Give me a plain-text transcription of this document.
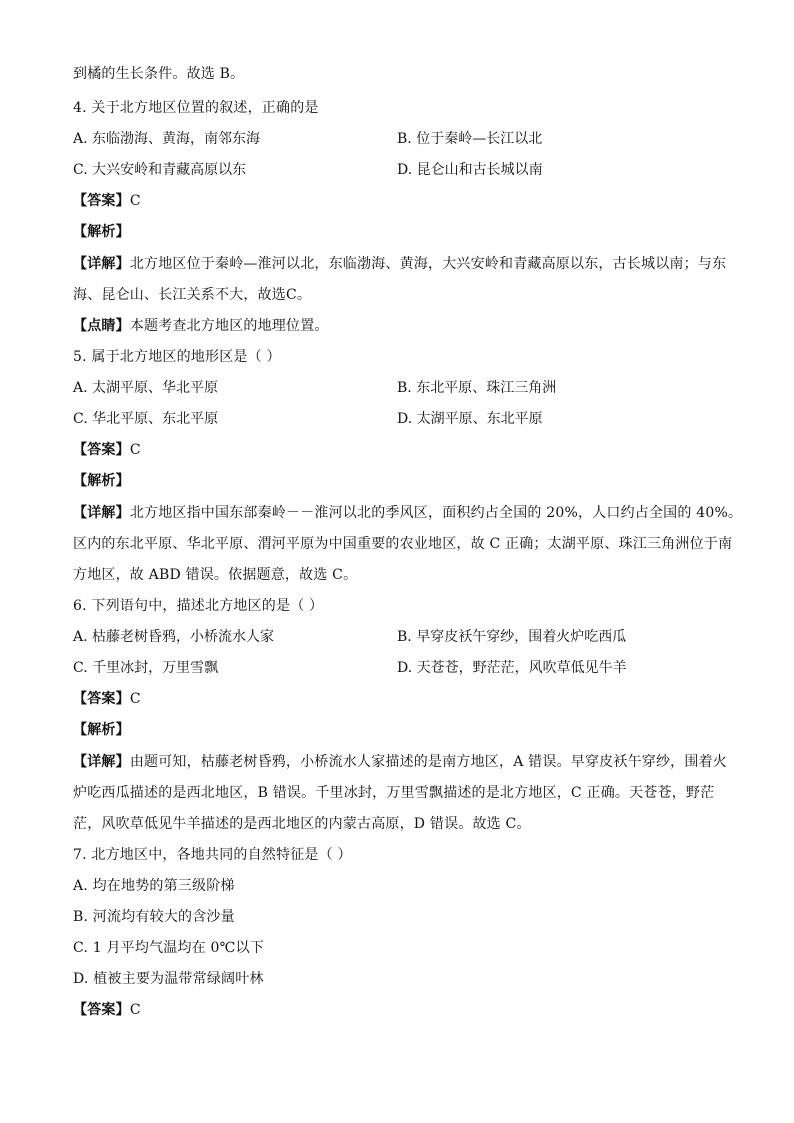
到橘的生长条件。故选 B。
4. 关于北方地区位置的叙述，正确的是
A. 东临渤海、黄海，南邻东海	B. 位于秦岭—长江以北
C. 大兴安岭和青藏高原以东	D. 昆仑山和古长城以南
【答案】C
【解析】
【详解】北方地区位于秦岭—淮河以北，东临渤海、黄海，大兴安岭和青藏高原以东，古长城以南；与东
海、昆仑山、长江关系不大，故选C。
【点睛】本题考查北方地区的地理位置。
5. 属于北方地区的地形区是（ ）
A. 太湖平原、华北平原	B. 东北平原、珠江三角洲
C. 华北平原、东北平原	D. 太湖平原、东北平原
【答案】C
【解析】
【详解】北方地区指中国东部秦岭－－淮河以北的季风区，面积约占全国的 20%，人口约占全国的 40%。
区内的东北平原、华北平原、渭河平原为中国重要的农业地区，故 C 正确；太湖平原、珠江三角洲位于南
方地区，故 ABD 错误。依据题意，故选 C。
6. 下列语句中，描述北方地区的是（ ）
A. 枯藤老树昏鸦，小桥流水人家	B. 早穿皮袄午穿纱，围着火炉吃西瓜
C. 千里冰封，万里雪飘	D. 天苍苍，野茫茫，风吹草低见牛羊
【答案】C
【解析】
【详解】由题可知，枯藤老树昏鸦，小桥流水人家描述的是南方地区，A 错误。早穿皮袄午穿纱，围着火
炉吃西瓜描述的是西北地区，B 错误。千里冰封，万里雪飘描述的是北方地区，C 正确。天苍苍，野茫
茫，风吹草低见牛羊描述的是西北地区的内蒙古高原，D 错误。故选 C。
7. 北方地区中，各地共同的自然特征是（ ）
A. 均在地势的第三级阶梯
B. 河流均有较大的含沙量
C. 1 月平均气温均在 0℃以下
D. 植被主要为温带常绿阔叶林
【答案】C
